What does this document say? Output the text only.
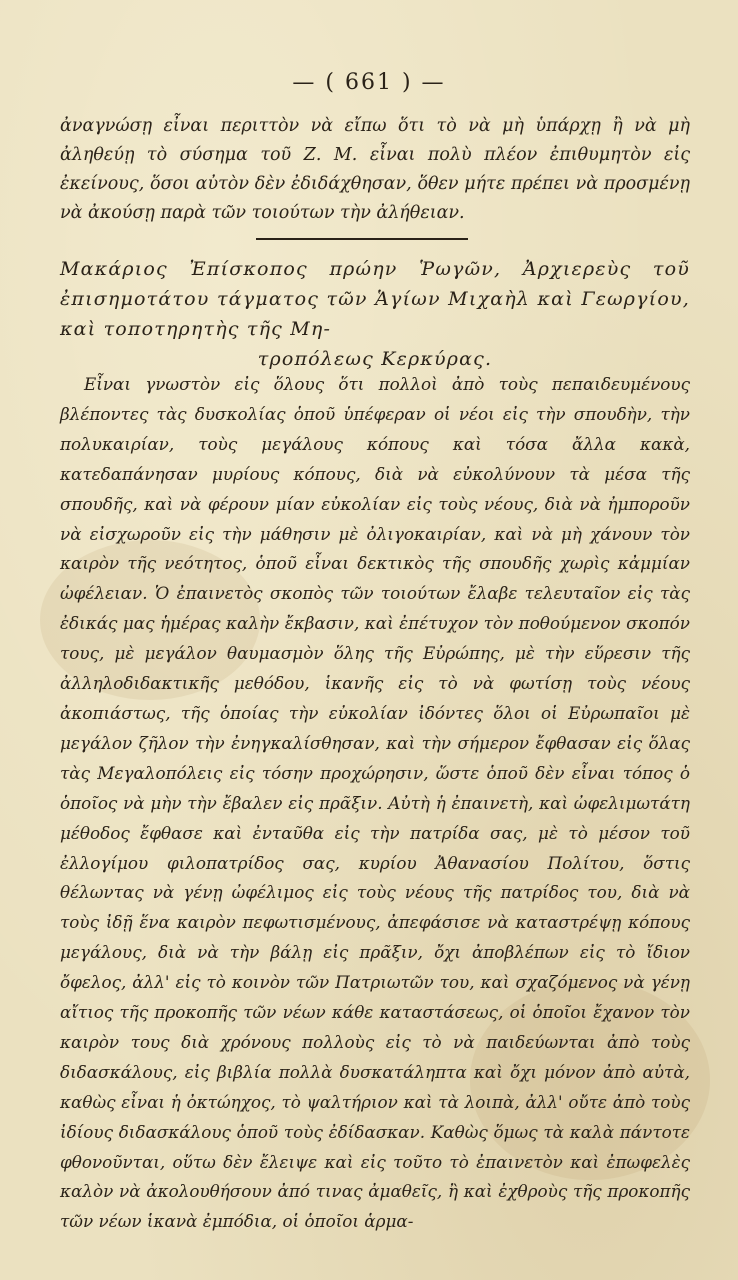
— ( 661 ) —
ἀναγνώσῃ εἶναι περιττὸν νὰ εἴπω ὅτι τὸ νὰ μὴ ὑπάρχῃ ἢ νὰ μὴ ἀληθεύῃ τὸ σύσημα τοῦ Ζ. Μ. εἶναι πολὺ πλέον ἐπιθυμητὸν εἰς ἐκείνους, ὅσοι αὐτὸν δὲν ἐδιδάχθησαν, ὅθεν μήτε πρέπει νὰ προσμένῃ νὰ ἀκούσῃ παρὰ τῶν τοιούτων τὴν ἀλήθειαν.
Μακάριος Ἐπίσκοπος πρώην Ῥωγῶν, Ἀρχιερεὺς τοῦ ἐπισημοτάτου τάγματος τῶν Ἁγίων Μιχαὴλ καὶ Γεωργίου, καὶ τοποτηρητὴς τῆς Μη-
τροπόλεως Κερκύρας.
Εἶναι γνωστὸν εἰς ὅλους ὅτι πολλοὶ ἀπὸ τοὺς πεπαιδευμένους βλέποντες τὰς δυσκολίας ὁποῦ ὑπέφεραν οἱ νέοι εἰς τὴν σπουδὴν, τὴν πολυκαιρίαν, τοὺς μεγάλους κόπους καὶ τόσα ἄλλα κακὰ, κατεδαπάνησαν μυρίους κόπους, διὰ νὰ εὐκολύνουν τὰ μέσα τῆς σπουδῆς, καὶ νὰ φέρουν μίαν εὐκολίαν εἰς τοὺς νέους, διὰ νὰ ἠμποροῦν νὰ εἰσχωροῦν εἰς τὴν μάθησιν μὲ ὀλιγοκαιρίαν, καὶ νὰ μὴ χάνουν τὸν καιρὸν τῆς νεότητος, ὁποῦ εἶναι δεκτικὸς τῆς σπουδῆς χωρὶς κἀμμίαν ὠφέλειαν. Ὁ ἐπαινετὸς σκοπὸς τῶν τοιούτων ἔλαβε τελευταῖον εἰς τὰς ἐδικάς μας ἡμέρας καλὴν ἔκβασιν, καὶ ἐπέτυχον τὸν ποθούμενον σκοπόν τους, μὲ μεγάλον θαυμασμὸν ὅλης τῆς Εὐρώπης, μὲ τὴν εὕρεσιν τῆς ἀλληλοδιδακτικῆς μεθόδου, ἱκανῆς εἰς τὸ νὰ φωτίσῃ τοὺς νέους ἀκοπιάστως, τῆς ὁποίας τὴν εὐκολίαν ἰδόντες ὅλοι οἱ Εὐρωπαῖοι μὲ μεγάλον ζῆλον τὴν ἐνηγκαλίσθησαν, καὶ τὴν σήμερον ἔφθασαν εἰς ὅλας τὰς Μεγαλοπόλεις εἰς τόσην προχώρησιν, ὥστε ὁποῦ δὲν εἶναι τόπος ὁ ὁποῖος νὰ μὴν τὴν ἔβαλεν εἰς πρᾶξιν. Αὐτὴ ἡ ἐπαινετὴ, καὶ ὠφελιμωτάτη μέθοδος ἔφθασε καὶ ἐνταῦθα εἰς τὴν πατρίδα σας, μὲ τὸ μέσον τοῦ ἐλλογίμου φιλοπατρίδος σας, κυρίου Ἀθανασίου Πολίτου, ὅστις θέλωντας νὰ γένῃ ὠφέλιμος εἰς τοὺς νέους τῆς πατρίδος του, διὰ νὰ τοὺς ἰδῇ ἕνα καιρὸν πεφωτισμένους, ἀπεφάσισε νὰ καταστρέψῃ κόπους μεγάλους, διὰ νὰ τὴν βάλῃ εἰς πρᾶξιν, ὄχι ἀποβλέπων εἰς τὸ ἴδιον ὄφελος, ἀλλ' εἰς τὸ κοινὸν τῶν Πατριωτῶν του, καὶ σχαζόμενος νὰ γένῃ αἴτιος τῆς προκοπῆς τῶν νέων κάθε καταστάσεως, οἱ ὁποῖοι ἔχανον τὸν καιρὸν τους διὰ χρόνους πολλοὺς εἰς τὸ νὰ παιδεύωνται ἀπὸ τοὺς διδασκάλους, εἰς βιβλία πολλὰ δυσκατάληπτα καὶ ὄχι μόνον ἀπὸ αὐτὰ, καθὼς εἶναι ἡ ὀκτώηχος, τὸ ψαλτήριον καὶ τὰ λοιπὰ, ἀλλ' οὔτε ἀπὸ τοὺς ἰδίους διδασκάλους ὁποῦ τοὺς ἐδίδασκαν. Καθὼς ὅμως τὰ καλὰ πάντοτε φθονοῦνται, οὕτω δὲν ἔλειψε καὶ εἰς τοῦτο τὸ ἐπαινετὸν καὶ ἐπωφελὲς καλὸν νὰ ἀκολουθήσουν ἀπό τινας ἀμαθεῖς, ἢ καὶ ἐχθροὺς τῆς προκοπῆς τῶν νέων ἱκανὰ ἐμπόδια, οἱ ὁποῖοι ἁρμα-
